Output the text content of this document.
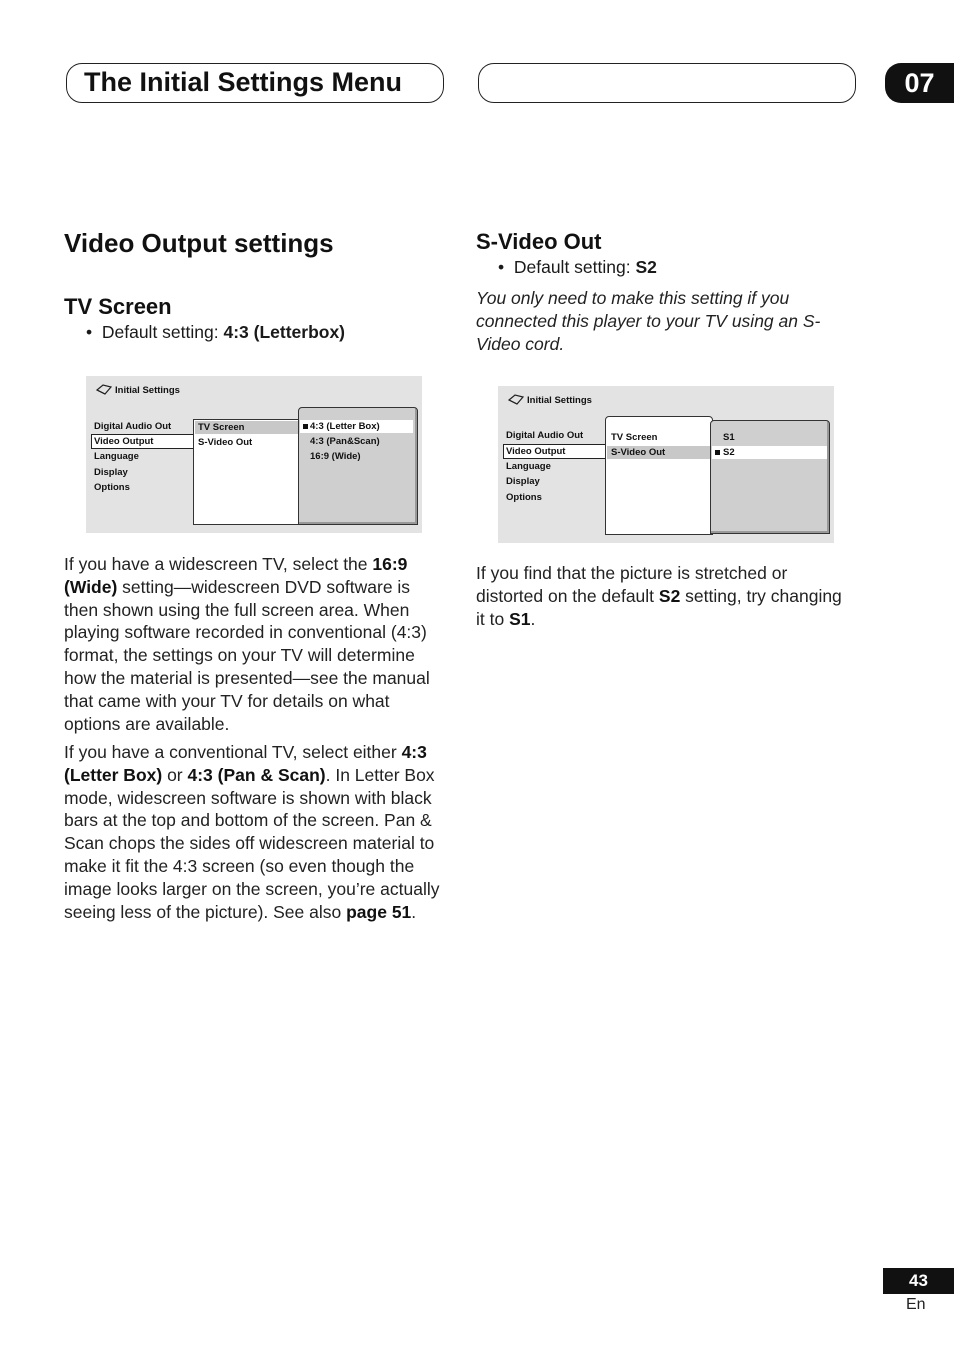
The Initial Settings Menu	07
Video Output settings
TV Screen

•  Default setting: 4:3 (Letterbox)

Initial Settings
Digital Audio Out
Video Output
Language
Display
Options
TV Screen
S-Video Out
4:3 (Letter Box)
4:3 (Pan&Scan)
16:9 (Wide)

If you have a widescreen TV, select the 16:9 (Wide) setting—widescreen DVD software is then shown using the full screen area. When playing software recorded in conventional (4:3) format, the settings on your TV will determine how the material is presented—see the manual that came with your TV for details on what options are available.

If you have a conventional TV, select either 4:3 (Letter Box) or 4:3 (Pan & Scan). In Letter Box mode, widescreen software is shown with black bars at the top and bottom of the screen. Pan & Scan chops the sides off widescreen material to make it fit the 4:3 screen (so even though the image looks larger on the screen, you’re actually seeing less of the picture). See also page 51.

S-Video Out

•  Default setting: S2

You only need to make this setting if you connected this player to your TV using an S-Video cord.

Initial Settings
Digital Audio Out
Video Output
Language
Display
Options
TV Screen
S-Video Out
S1
S2

If you find that the picture is stretched or distorted on the default S2 setting, try changing it to S1.

43
En
